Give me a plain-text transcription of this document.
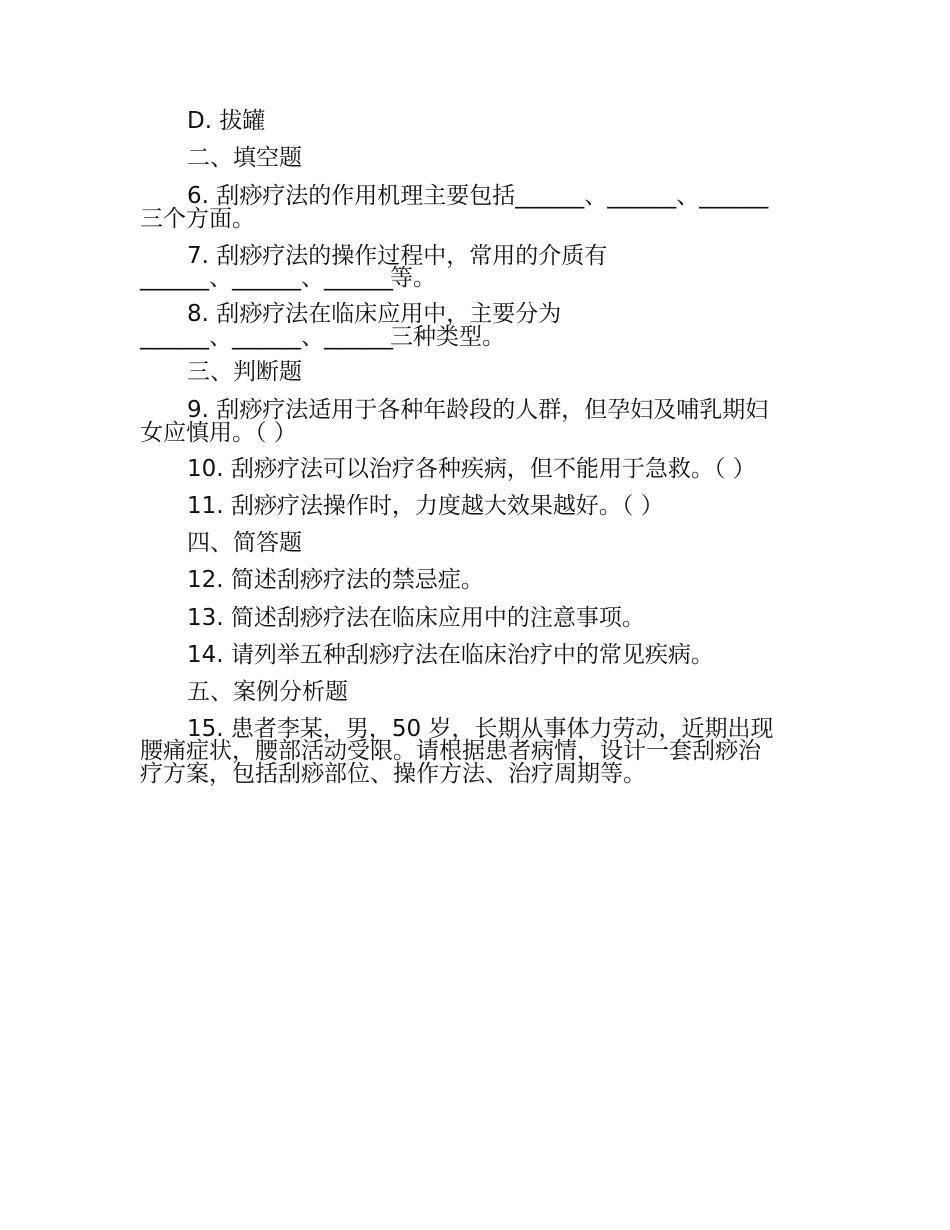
D. 拔罐
二、填空题
6. 刮痧疗法的作用机理主要包括______、______、______
三个方面。
7. 刮痧疗法的操作过程中，常用的介质有
______、______、______
等。
8. 刮痧疗法在临床应用中，主要分为
______、______、______
三种类型。
三、判断题
9. 刮痧疗法适用于各种年龄段的人群，但孕妇及哺乳期妇
女应慎用。（ ）
10. 刮痧疗法可以治疗各种疾病，但不能用于急救。（ ）
11. 刮痧疗法操作时，力度越大效果越好。（ ）
四、简答题
12. 简述刮痧疗法的禁忌症。
13. 简述刮痧疗法在临床应用中的注意事项。
14. 请列举五种刮痧疗法在临床治疗中的常见疾病。
五、案例分析题
15. 患者李某，男，50 岁，长期从事体力劳动，近期出现
腰痛症状，腰部活动受限。请根据患者病情，设计一套刮痧治
疗方案，包括刮痧部位、操作方法、治疗周期等。
